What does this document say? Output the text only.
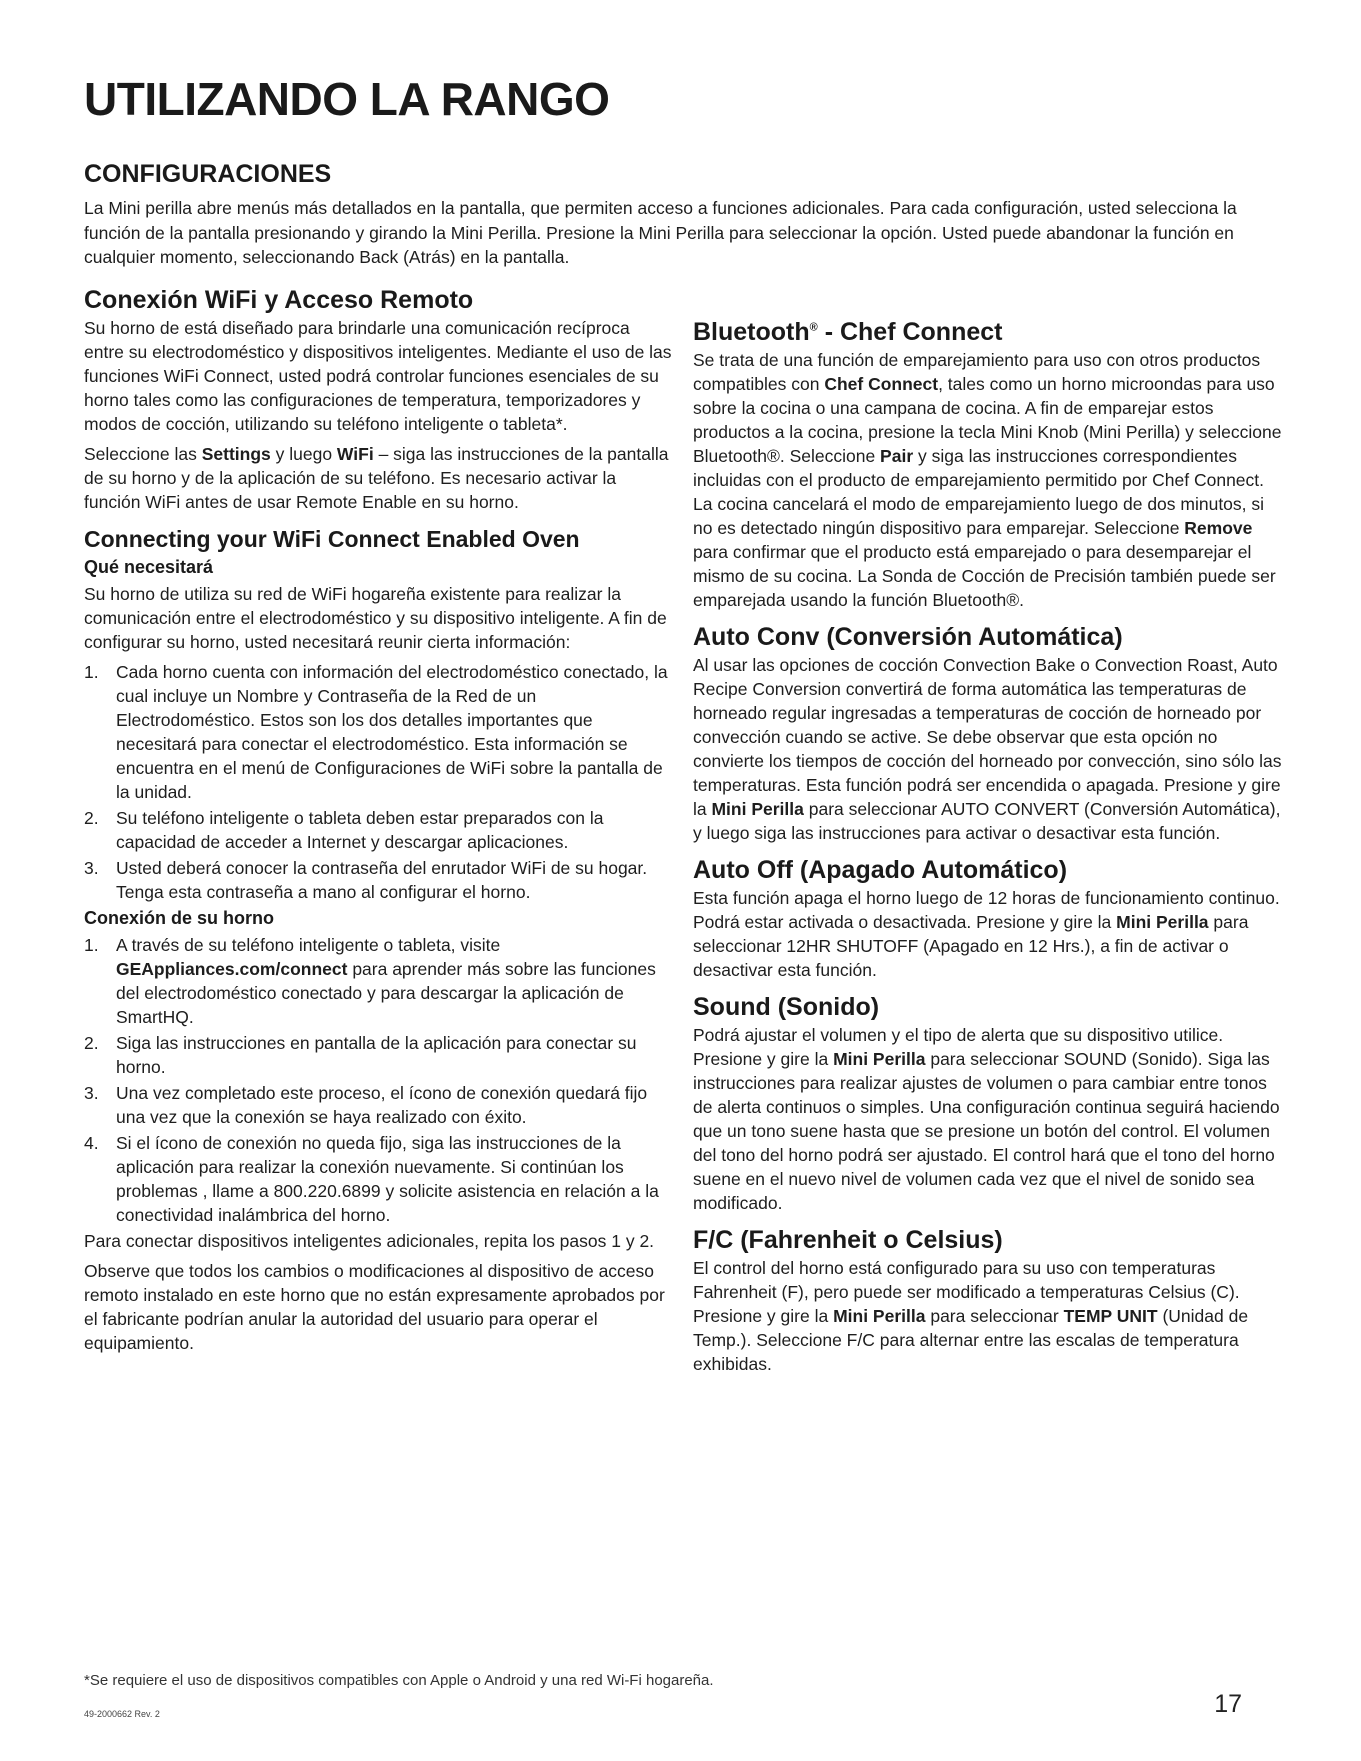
UTILIZANDO LA RANGO
CONFIGURACIONES

La Mini perilla abre menús más detallados en la pantalla, que permiten acceso a funciones adicionales. Para cada configuración, usted selecciona la función de la pantalla presionando y girando la Mini Perilla. Presione la Mini Perilla para seleccionar la opción. Usted puede abandonar la función en cualquier momento, seleccionando Back (Atrás) en la pantalla.

Conexión WiFi y Acceso Remoto

Su horno de está diseñado para brindarle una comunicación recíproca entre su electrodoméstico y dispositivos inteligentes. Mediante el uso de las funciones WiFi Connect, usted podrá controlar funciones esenciales de su horno tales como las configuraciones de temperatura, temporizadores y modos de cocción, utilizando su teléfono inteligente o tableta*.

Seleccione las Settings y luego WiFi – siga las instrucciones de la pantalla de su horno y de la aplicación de su teléfono. Es necesario activar la función WiFi antes de usar Remote Enable en su horno.

Connecting your WiFi Connect Enabled Oven
Qué necesitará

Su horno de utiliza su red de WiFi hogareña existente para realizar la comunicación entre el electrodoméstico y su dispositivo inteligente. A fin de configurar su horno, usted necesitará reunir cierta información:

1. Cada horno cuenta con información del electrodoméstico conectado, la cual incluye un Nombre y Contraseña de la Red de un Electrodoméstico. Estos son los dos detalles importantes que necesitará para conectar el electrodoméstico. Esta información se encuentra en el menú de Configuraciones de WiFi sobre la pantalla de la unidad.
2. Su teléfono inteligente o tableta deben estar preparados con la capacidad de acceder a Internet y descargar aplicaciones.
3. Usted deberá conocer la contraseña del enrutador WiFi de su hogar. Tenga esta contraseña a mano al configurar el horno.
Conexión de su horno
1. A través de su teléfono inteligente o tableta, visite GEAppliances.com/connect para aprender más sobre las funciones del electrodoméstico conectado y para descargar la aplicación de SmartHQ.
2. Siga las instrucciones en pantalla de la aplicación para conectar su horno.
3. Una vez completado este proceso, el ícono de conexión quedará fijo una vez que la conexión se haya realizado con éxito.
4. Si el ícono de conexión no queda fijo, siga las instrucciones de la aplicación para realizar la conexión nuevamente. Si continúan los problemas , llame a 800.220.6899 y solicite asistencia en relación a la conectividad inalámbrica del horno.

Para conectar dispositivos inteligentes adicionales, repita los pasos 1 y 2.

Observe que todos los cambios o modificaciones al dispositivo de acceso remoto instalado en este horno que no están expresamente aprobados por el fabricante podrían anular la autoridad del usuario para operar el equipamiento.

Bluetooth® - Chef Connect

Se trata de una función de emparejamiento para uso con otros productos compatibles con Chef Connect, tales como un horno microondas para uso sobre la cocina o una campana de cocina. A fin de emparejar estos productos a la cocina, presione la tecla Mini Knob (Mini Perilla) y seleccione Bluetooth®. Seleccione Pair y siga las instrucciones correspondientes incluidas con el producto de emparejamiento permitido por Chef Connect. La cocina cancelará el modo de emparejamiento luego de dos minutos, si no es detectado ningún dispositivo para emparejar. Seleccione Remove para confirmar que el producto está emparejado o para desemparejar el mismo de su cocina. La Sonda de Cocción de Precisión también puede ser emparejada usando la función Bluetooth®.

Auto Conv (Conversión Automática)

Al usar las opciones de cocción Convection Bake o Convection Roast, Auto Recipe Conversion convertirá de forma automática las temperaturas de horneado regular ingresadas a temperaturas de cocción de horneado por convección cuando se active. Se debe observar que esta opción no convierte los tiempos de cocción del horneado por convección, sino sólo las temperaturas. Esta función podrá ser encendida o apagada. Presione y gire la Mini Perilla para seleccionar AUTO CONVERT (Conversión Automática), y luego siga las instrucciones para activar o desactivar esta función.

Auto Off (Apagado Automático)

Esta función apaga el horno luego de 12 horas de funcionamiento continuo. Podrá estar activada o desactivada. Presione y gire la Mini Perilla para seleccionar 12HR SHUTOFF (Apagado en 12 Hrs.), a fin de activar o desactivar esta función.

Sound (Sonido)

Podrá ajustar el volumen y el tipo de alerta que su dispositivo utilice. Presione y gire la Mini Perilla para seleccionar SOUND (Sonido). Siga las instrucciones para realizar ajustes de volumen o para cambiar entre tonos de alerta continuos o simples. Una configuración continua seguirá haciendo que un tono suene hasta que se presione un botón del control. El volumen del tono del horno podrá ser ajustado. El control hará que el tono del horno suene en el nuevo nivel de volumen cada vez que el nivel de sonido sea modificado.

F/C (Fahrenheit o Celsius)

El control del horno está configurado para su uso con temperaturas Fahrenheit (F), pero puede ser modificado a temperaturas Celsius (C). Presione y gire la Mini Perilla para seleccionar TEMP UNIT (Unidad de Temp.). Seleccione F/C para alternar entre las escalas de temperatura exhibidas.

*Se requiere el uso de dispositivos compatibles con Apple o Android y una red Wi-Fi hogareña.
49-2000662 Rev. 2	17
